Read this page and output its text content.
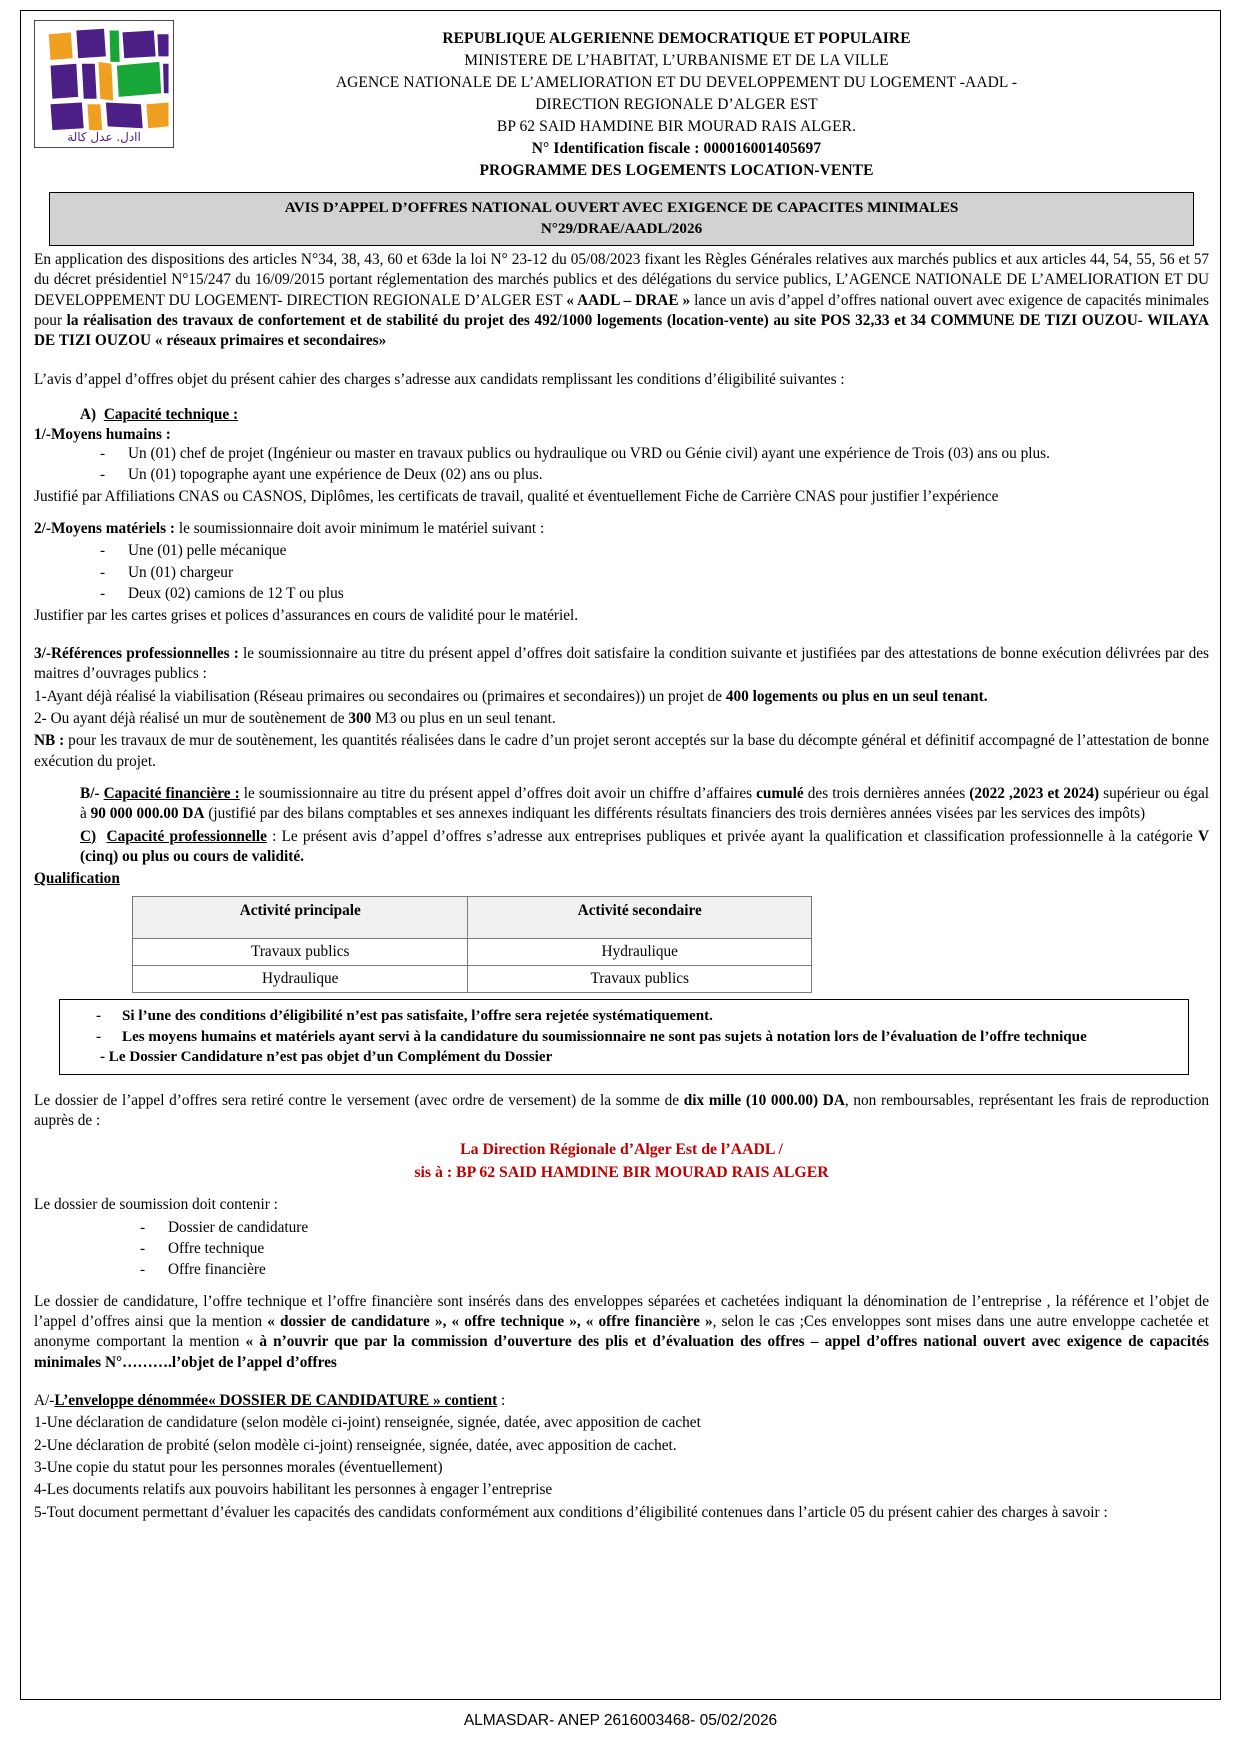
ﺍﺍﺩﻝ. ﻋﺪﻝ ﻛﺎﻟﺔ
REPUBLIQUE ALGERIENNE DEMOCRATIQUE ET POPULAIRE
MINISTERE DE L’HABITAT, L’URBANISME ET DE LA VILLE
AGENCE NATIONALE DE L’AMELIORATION ET DU DEVELOPPEMENT DU LOGEMENT -AADL -
DIRECTION REGIONALE D’ALGER EST
BP 62 SAID HAMDINE BIR MOURAD RAIS ALGER.
N° Identification fiscale : 000016001405697
PROGRAMME DES LOGEMENTS LOCATION-VENTE
AVIS D’APPEL D’OFFRES NATIONAL OUVERT AVEC EXIGENCE DE CAPACITES MINIMALES
N°29/DRAE/AADL/2026
En application des dispositions des articles N°34, 38, 43, 60 et 63de la loi N° 23-12 du 05/08/2023 fixant les Règles Générales relatives aux marchés publics et aux articles 44, 54, 55, 56 et 57 du décret présidentiel N°15/247 du 16/09/2015 portant réglementation des marchés publics et des délégations du service publics, L’AGENCE NATIONALE DE L’AMELIORATION ET DU DEVELOPPEMENT DU LOGEMENT- DIRECTION REGIONALE D’ALGER EST « AADL – DRAE » lance un avis d’appel d’offres national ouvert avec exigence de capacités minimales pour la réalisation des travaux de confortement et de stabilité du projet des 492/1000 logements (location-vente) au site POS 32,33 et 34 COMMUNE DE TIZI OUZOU- WILAYA DE TIZI OUZOU « réseaux primaires et secondaires»
L’avis d’appel d’offres objet du présent cahier des charges s’adresse aux candidats remplissant les conditions d’éligibilité suivantes :
A) Capacité technique :
1/-Moyens humains :
- Un (01) chef de projet (Ingénieur ou master en travaux publics ou hydraulique ou VRD ou Génie civil) ayant une expérience de Trois (03) ans ou plus.
- Un (01) topographe ayant une expérience de Deux (02) ans ou plus.
Justifié par Affiliations CNAS ou CASNOS, Diplômes, les certificats de travail, qualité et éventuellement Fiche de Carrière CNAS pour justifier l’expérience
2/-Moyens matériels : le soumissionnaire doit avoir minimum le matériel suivant :
- Une (01) pelle mécanique
- Un (01) chargeur
- Deux (02) camions de 12 T ou plus
Justifier par les cartes grises et polices d’assurances en cours de validité pour le matériel.
3/-Références professionnelles : le soumissionnaire au titre du présent appel d’offres doit satisfaire la condition suivante et justifiées par des attestations de bonne exécution délivrées par des maitres d’ouvrages publics :
1-Ayant déjà réalisé la viabilisation (Réseau primaires ou secondaires ou (primaires et secondaires)) un projet de 400 logements ou plus en un seul tenant.
2- Ou ayant déjà réalisé un mur de soutènement de 300 M3 ou plus en un seul tenant.
NB : pour les travaux de mur de soutènement, les quantités réalisées dans le cadre d’un projet seront acceptés sur la base du décompte général et définitif accompagné de l’attestation de bonne exécution du projet.
B/- Capacité financière : le soumissionnaire au titre du présent appel d’offres doit avoir un chiffre d’affaires cumulé des trois dernières années (2022 ,2023 et 2024) supérieur ou égal à 90 000 000.00 DA (justifié par des bilans comptables et ses annexes indiquant les différents résultats financiers des trois dernières années visées par les services des impôts)
C) Capacité professionnelle : Le présent avis d’appel d’offres s’adresse aux entreprises publiques et privée ayant la qualification et classification professionnelle à la catégorie V (cinq) ou plus ou cours de validité.
Qualification
Activité principale	Activité secondaire
Travaux publics	Hydraulique
Hydraulique	Travaux publics
- Si l’une des conditions d’éligibilité n’est pas satisfaite, l’offre sera rejetée systématiquement.
- Les moyens humains et matériels ayant servi à la candidature du soumissionnaire ne sont pas sujets à notation lors de l’évaluation de l’offre technique
- Le Dossier Candidature n’est pas objet d’un Complément du Dossier
Le dossier de l’appel d’offres sera retiré contre le versement (avec ordre de versement) de la somme de dix mille (10 000.00) DA, non remboursables, représentant les frais de reproduction auprès de :
La Direction Régionale d’Alger Est de l’AADL /
sis à : BP 62 SAID HAMDINE BIR MOURAD RAIS ALGER
Le dossier de soumission doit contenir :
- Dossier de candidature
- Offre technique
- Offre financière
Le dossier de candidature, l’offre technique et l’offre financière sont insérés dans des enveloppes séparées et cachetées indiquant la dénomination de l’entreprise , la référence et l’objet de l’appel d’offres ainsi que la mention « dossier de candidature », « offre technique », « offre financière », selon le cas ;Ces enveloppes sont mises dans une autre enveloppe cachetée et anonyme comportant la mention « à n’ouvrir que par la commission d’ouverture des plis et d’évaluation des offres – appel d’offres national ouvert avec exigence de capacités minimales N°……….l’objet de l’appel d’offres
A/-L’enveloppe dénommée« DOSSIER DE CANDIDATURE » contient :
1-Une déclaration de candidature (selon modèle ci-joint) renseignée, signée, datée, avec apposition de cachet
2-Une déclaration de probité (selon modèle ci-joint) renseignée, signée, datée, avec apposition de cachet.
3-Une copie du statut pour les personnes morales (éventuellement)
4-Les documents relatifs aux pouvoirs habilitant les personnes à engager l’entreprise
5-Tout document permettant d’évaluer les capacités des candidats conformément aux conditions d’éligibilité contenues dans l’article 05 du présent cahier des charges à savoir :
ALMASDAR- ANEP 2616003468- 05/02/2026
